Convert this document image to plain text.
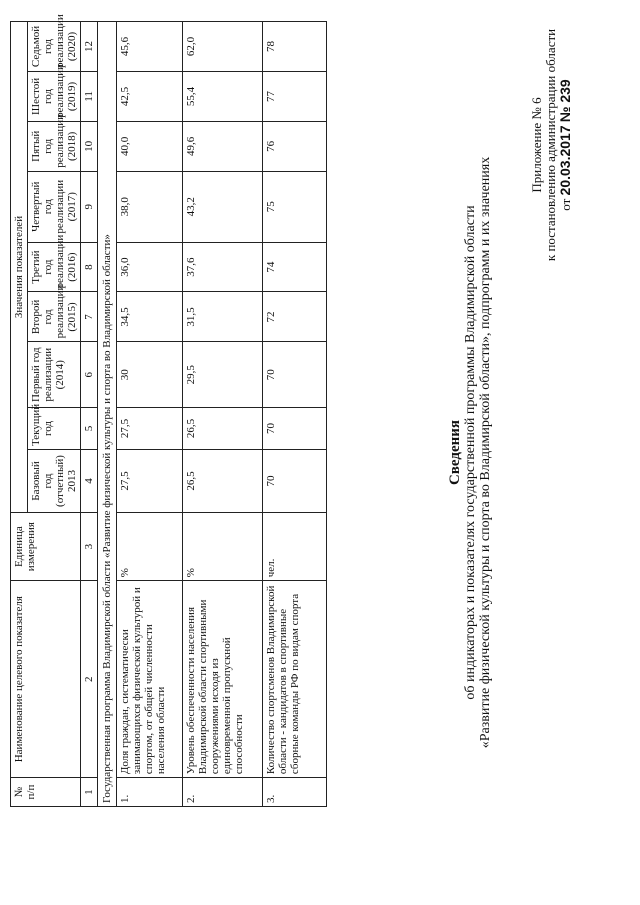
Приложение № 6 к постановлению администрации области от 20.03.2017 № 239
Сведения об индикаторах и показателях государственной программы Владимирской области «Развитие физической культуры и спорта во Владимирской области», подпрограмм и их значениях
№ п/п	Наименование целевого показателя	Единица измерения	Значения показателей								
			Базовый год (отчетный) 2013	Текущий год	Первый год реализации (2014)	Второй год реализации (2015)	Третий год реализации (2016)	Четвертый год реализации (2017)	Пятый год реализации (2018)	Шестой год реализации (2019)	Седьмой год реализации (2020)
1	2	3	4	5	6	7	8	9	10	11	12
Государственная программа Владимирской области «Развитие физической культуры и спорта во Владимирской области»											
1.	Доля граждан, систематически занимающихся физической культурой и спортом, от общей численности населения области	%	27,5	27,5	30	34,5	36,0	38,0	40,0	42,5	45,6
2.	Уровень обеспеченности населения Владимирской области спортивными сооружениями исходя из единовременной пропускной способности	%	26,5	26,5	29,5	31,5	37,6	43,2	49,6	55,4	62,0
3.	Количество спортсменов Владимирской области - кандидатов в спортивные сборные команды РФ по видам спорта	чел.	70	70	70	72	74	75	76	77	78
